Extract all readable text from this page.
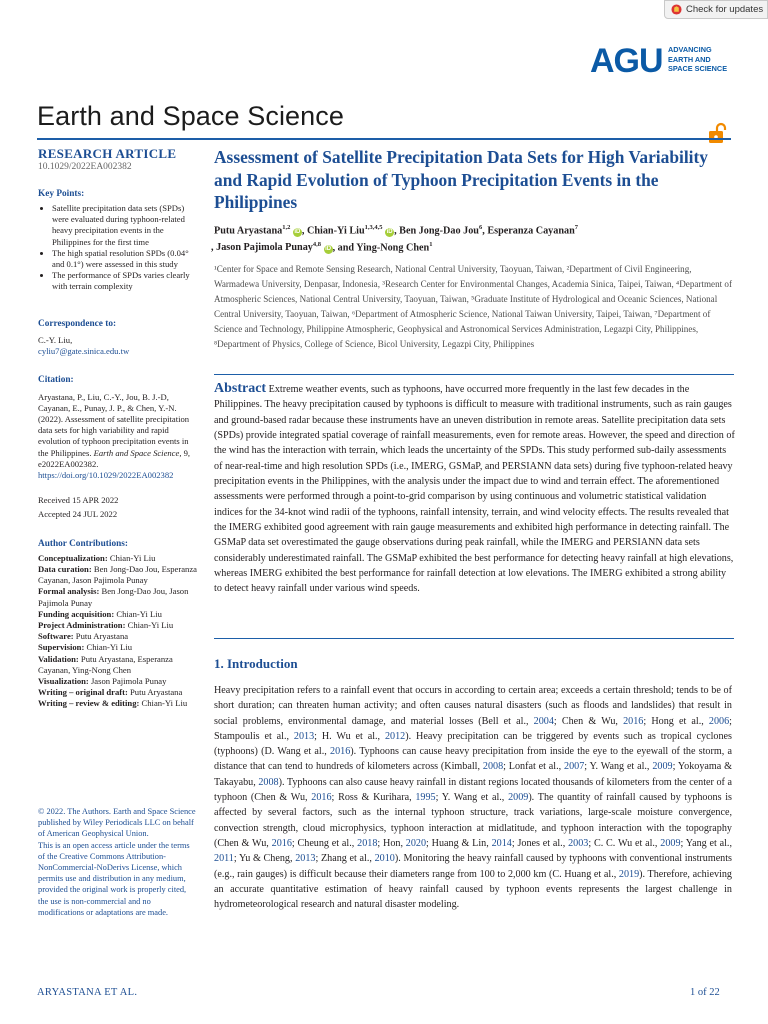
Check for updates
AGU ADVANCING
EARTH AND
SPACE SCIENCE
Earth and Space Science
RESEARCH ARTICLE
10.1029/2022EA002382
Key Points:
• Satellite precipitation data sets (SPDs) were evaluated during typhoon-related heavy precipitation events in the Philippines for the first time
• The high spatial resolution SPDs (0.04° and 0.1°) were assessed in this study
• The performance of SPDs varies clearly with terrain complexity
Correspondence to:
C.-Y. Liu,
cyliu7@gate.sinica.edu.tw
Citation:
Aryastana, P., Liu, C.-Y., Jou, B. J.-D, Cayanan, E., Punay, J. P., & Chen, Y.-N. (2022). Assessment of satellite precipitation data sets for high variability and rapid evolution of typhoon precipitation events in the Philippines. Earth and Space Science, 9, e2022EA002382. https://doi.org/10.1029/2022EA002382
Received 15 APR 2022
Accepted 24 JUL 2022
Author Contributions:
Conceptualization: Chian-Yi Liu
Data curation: Ben Jong-Dao Jou, Esperanza Cayanan, Jason Pajimola Punay
Formal analysis: Ben Jong-Dao Jou, Jason Pajimola Punay
Funding acquisition: Chian-Yi Liu
Project Administration: Chian-Yi Liu
Software: Putu Aryastana
Supervision: Chian-Yi Liu
Validation: Putu Aryastana, Esperanza Cayanan, Ying-Nong Chen
Visualization: Jason Pajimola Punay
Writing – original draft: Putu Aryastana
Writing – review & editing: Chian-Yi Liu
© 2022. The Authors. Earth and Space Science published by Wiley Periodicals LLC on behalf of American Geophysical Union.
This is an open access article under the terms of the Creative Commons Attribution-NonCommercial-NoDerivs License, which permits use and distribution in any medium, provided the original work is properly cited, the use is non-commercial and no modifications or adaptations are made.
Assessment of Satellite Precipitation Data Sets for High Variability and Rapid Evolution of Typhoon Precipitation Events in the Philippines
Putu Aryastana$^{1,2}$ iD , Chian-Yi Liu$^{1,3,4,5}$ iD , Ben Jong-Dao Jou$^6$, Esperanza Cayanan$^7$
, Jason Pajimola Punay$^{4,8}$ iD , and Ying-Nong Chen$^1$
¹Center for Space and Remote Sensing Research, National Central University, Taoyuan, Taiwan, ²Department of Civil Engineering, Warmadewa University, Denpasar, Indonesia, ³Research Center for Environmental Changes, Academia Sinica, Taipei, Taiwan, ⁴Department of Atmospheric Sciences, National Central University, Taoyuan, Taiwan, ⁵Graduate Institute of Hydrological and Oceanic Sciences, National Central University, Taoyuan, Taiwan, ⁶Department of Atmospheric Science, National Taiwan University, Taipei, Taiwan, ⁷Department of Science and Technology, Philippine Atmospheric, Geophysical and Astronomical Services Administration, Legazpi City, Philippines, ⁸Department of Physics, College of Science, Bicol University, Legazpi City, Philippines
Abstract Extreme weather events, such as typhoons, have occurred more frequently in the last few decades in the Philippines. The heavy precipitation caused by typhoons is difficult to measure with traditional instruments, such as rain gauges and ground-based radar because these instruments have an uneven distribution in remote areas. Satellite precipitation data sets (SPDs) provide integrated spatial coverage of rainfall measurements, even for remote areas. However, the speed and direction of the wind has the interaction with terrain, which leads the uncertainty of the SPDs. This study performed sub-daily assessments of near-real-time and high resolution SPDs (i.e., IMERG, GSMaP, and PERSIANN data sets) during five typhoon-related heavy precipitation events in the Philippines, with the analysis under the impact due to wind and terrain effect. The aforementioned assessments were performed through a point-to-grid comparison by using continuous and volumetric statistical validation indices for the 34-knot wind radii of the typhoons, rainfall intensity, terrain, and wind velocity effects. The results revealed that the IMERG exhibited good agreement with rain gauge measurements and exhibited high performance in detecting rainfall. The GSMaP data set overestimated the gauge observations during peak rainfall, while the IMERG and PERSIANN data sets considerably underestimated rainfall. The GSMaP exhibited the best performance for detecting heavy rainfall at high elevations, whereas IMERG exhibited the best performance for rainfall detection at low elevations. The IMERG exhibited a strong ability to detect heavy rainfall under various wind speeds.
1. Introduction
Heavy precipitation refers to a rainfall event that occurs in according to certain area; exceeds a certain threshold; tends to be of short duration; can threaten human activity; and often causes natural disasters (such as floods and landslides) that result in social problems, environmental damage, and material losses (Bell et al., 2004; Chen & Wu, 2016; Hong et al., 2006; Stampoulis et al., 2013; H. Wu et al., 2012). Heavy precipitation can be triggered by events such as tropical cyclones (typhoons) (D. Wang et al., 2016). Typhoons can cause heavy precipitation from inside the eye to the eyewall of the storm, a distance that can tend to hundreds of kilometers across (Kimball, 2008; Lonfat et al., 2007; Y. Wang et al., 2009; Yokoyama & Takayabu, 2008). Typhoons can also cause heavy rainfall in distant regions located thousands of kilometers from the center of a typhoon (Chen & Wu, 2016; Ross & Kurihara, 1995; Y. Wang et al., 2009). The quantity of rainfall caused by typhoons is affected by several factors, such as the internal typhoon structure, track variations, large-scale moisture convergence, convection strength, cloud microphysics, typhoon interaction at midlatitude, and typhoon interaction with the topography (Chen & Wu, 2016; Cheung et al., 2018; Hon, 2020; Huang & Lin, 2014; Jones et al., 2003; C. C. Wu et al., 2009; Yang et al., 2011; Yu & Cheng, 2013; Zhang et al., 2010). Monitoring the heavy rainfall caused by typhoons with conventional instruments (e.g., rain gauges) is difficult because their diameters range from 100 to 2,000 km (C. Huang et al., 2019). Therefore, achieving an accurate quantitative estimation of heavy rainfall caused by typhoon events represents the largest challenge in hydrometeorological research and natural disaster modeling.
ARYASTANA ET AL.	1 of 22
